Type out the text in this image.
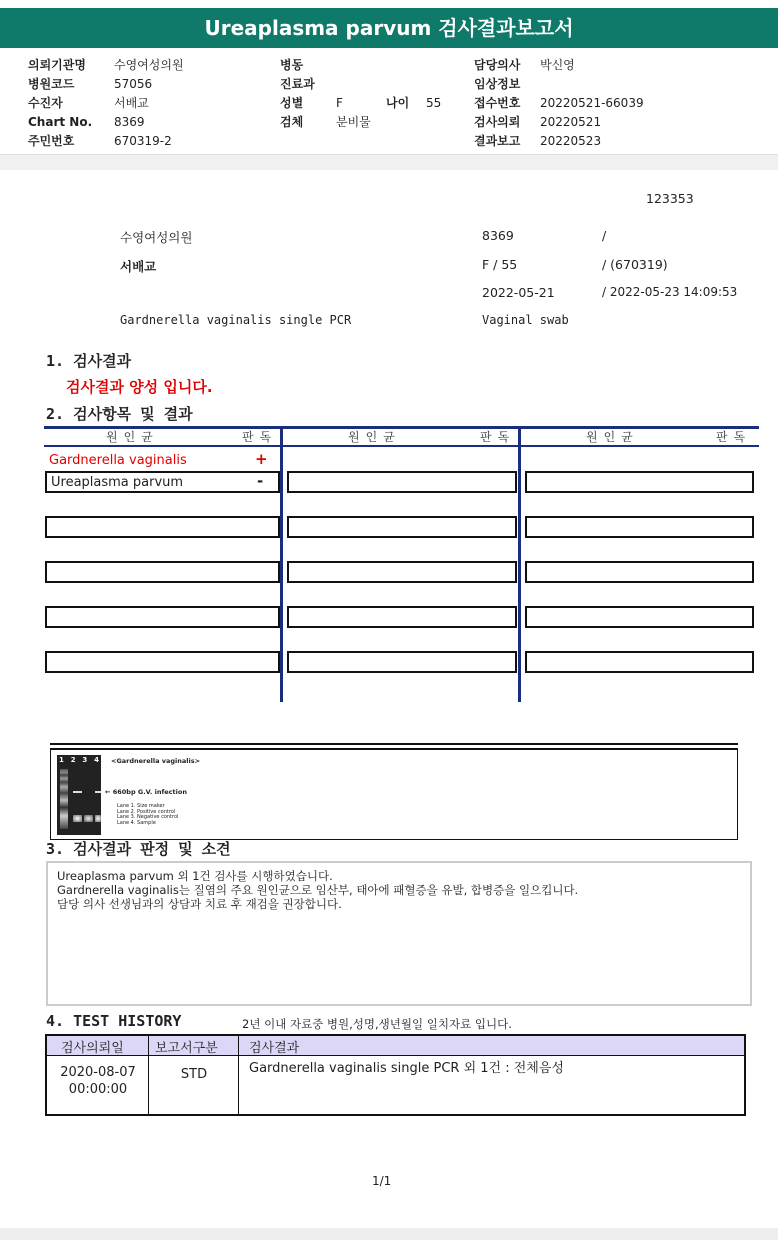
Ureaplasma parvum 검사결과보고서
의뢰기관명	수영여성의원
병원코드	57056
수진자	서배교
Chart No.	8369
주민번호	670319-2
병동
진료과
성별	F	나이	55
검체	분비물
담당의사	박신영
임상정보
접수번호	20220521-66039
검사의뢰	20220521
결과보고	20220523
123353
수영여성의원	8369	/
서배교	F / 55	/ (670319)
2022-05-21	/ 2022-05-23 14:09:53
Gardnerella vaginalis single PCR	Vaginal swab
1. 검사결과
검사결과 양성 입니다.
2. 검사항목 및 결과
원인균	판독	원인균	판독	원인균	판독
Gardnerella vaginalis	+
Ureaplasma parvum	-
1 2 3 4 <Gardnerella vaginalis>
← 660bp G.V. infection
Lane 1. Size maker
Lane 2. Positive control
Lane 3. Negative control
Lane 4. Sample
3. 검사결과 판정 및 소견
Ureaplasma parvum 외 1건 검사를 시행하였습니다.
Gardnerella vaginalis는 질염의 주요 원인균으로 임산부, 태아에 패혈증을 유발, 합병증을 일으킵니다.
담당 의사 선생님과의 상담과 치료 후 재검을 권장합니다.
4. TEST HISTORY	2년 이내 자료중 병원,성명,생년월일 일치자료 입니다.
검사의뢰일 보고서구분 검사결과
2020-08-07
00:00:00
STD	Gardnerella vaginalis single PCR 외 1건 : 전체음성
1/1
